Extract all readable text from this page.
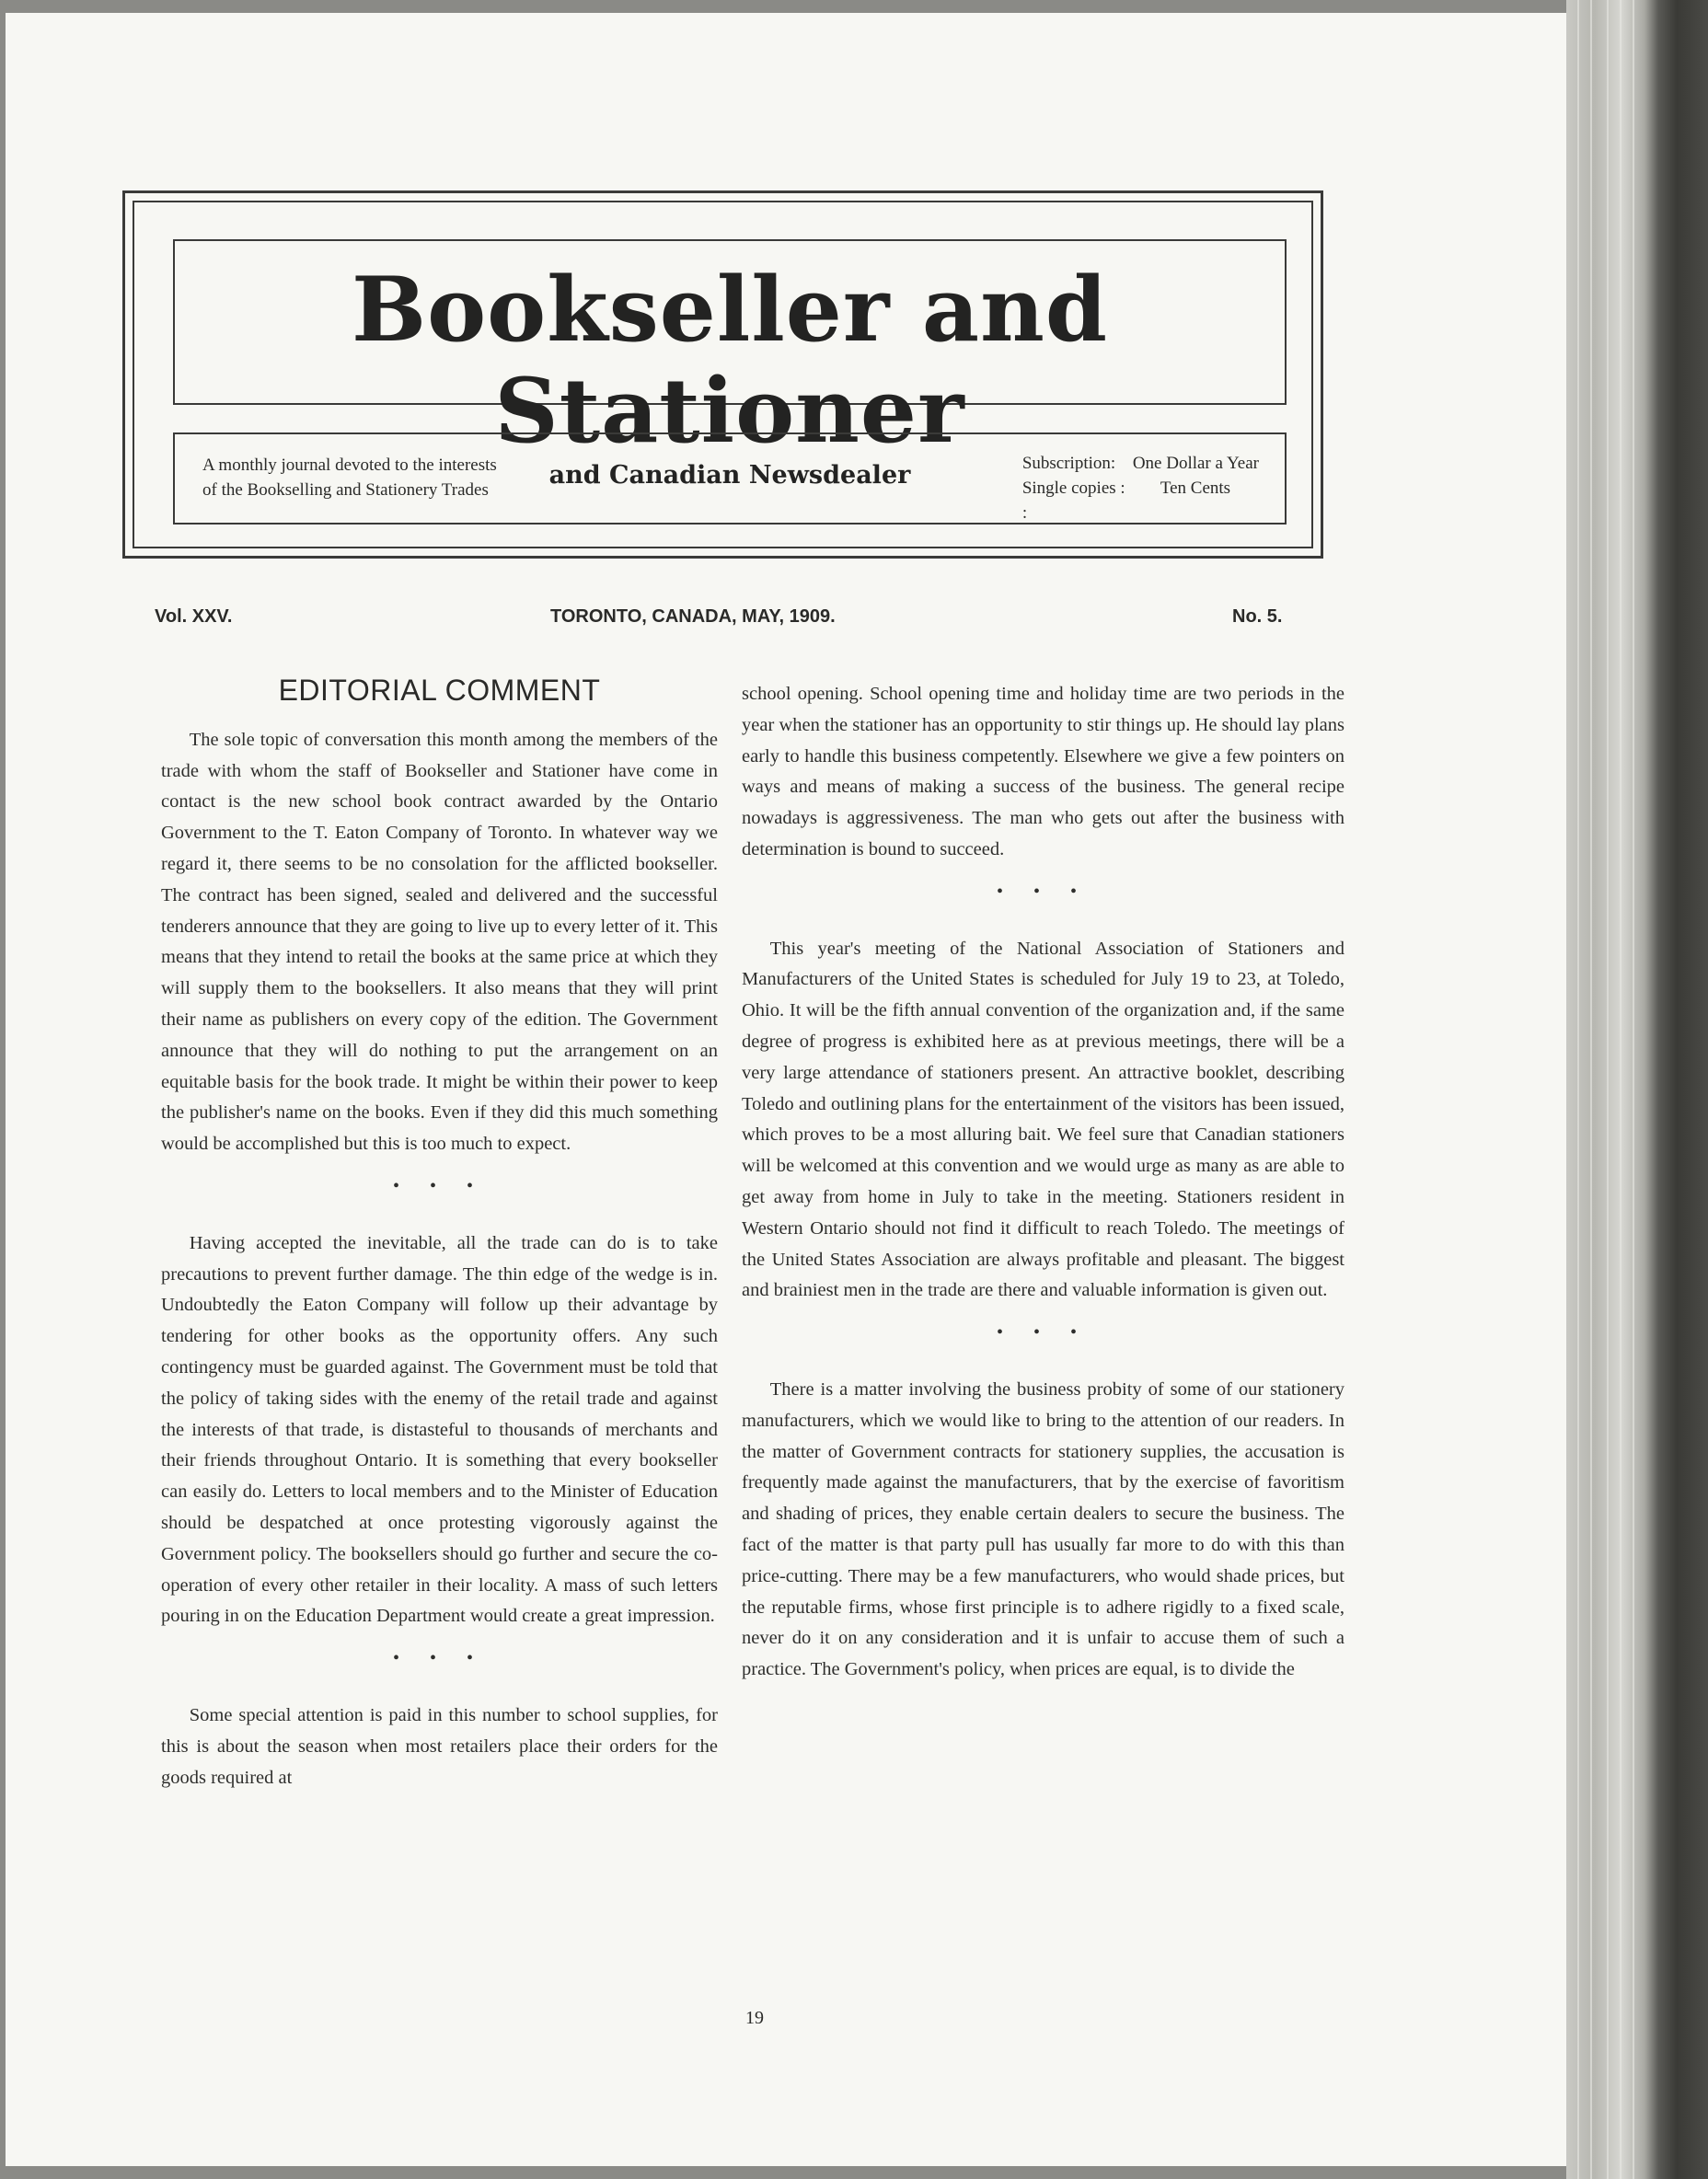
Bookseller and Stationer
and Canadian Newsdealer
A monthly journal devoted to the interests
of the Bookselling and Stationery Trades
Subscription: One Dollar a Year
Single copies : :
Ten Cents
Vol. XXV.	TORONTO, CANADA, MAY, 1909.	No. 5.
EDITORIAL COMMENT

The sole topic of conversation this month among the members of the trade with whom the staff of Bookseller and Stationer have come in contact is the new school book contract awarded by the Ontario Government to the T. Eaton Company of Toronto. In whatever way we regard it, there seems to be no consolation for the afflicted bookseller. The contract has been signed, sealed and delivered and the successful tenderers announce that they are going to live up to every letter of it. This means that they intend to retail the books at the same price at which they will supply them to the booksellers. It also means that they will print their name as publishers on every copy of the edition. The Government announce that they will do nothing to put the arrangement on an equitable basis for the book trade. It might be within their power to keep the publisher's name on the books. Even if they did this much something would be accomplished but this is too much to expect.

• • •

Having accepted the inevitable, all the trade can do is to take precautions to prevent further damage. The thin edge of the wedge is in. Undoubtedly the Eaton Company will follow up their advantage by tendering for other books as the opportunity offers. Any such contingency must be guarded against. The Government must be told that the policy of taking sides with the enemy of the retail trade and against the interests of that trade, is distasteful to thousands of merchants and their friends throughout Ontario. It is something that every bookseller can easily do. Letters to local members and to the Minister of Education should be despatched at once protesting vigorously against the Government policy. The booksellers should go further and secure the co-operation of every other retailer in their locality. A mass of such letters pouring in on the Education Department would create a great impression.

• • •

Some special attention is paid in this number to school supplies, for this is about the season when most retailers place their orders for the goods required at

school opening. School opening time and holiday time are two periods in the year when the stationer has an opportunity to stir things up. He should lay plans early to handle this business competently. Elsewhere we give a few pointers on ways and means of making a success of the business. The general recipe nowadays is aggressiveness. The man who gets out after the business with determination is bound to succeed.

• • •

This year's meeting of the National Association of Stationers and Manufacturers of the United States is scheduled for July 19 to 23, at Toledo, Ohio. It will be the fifth annual convention of the organization and, if the same degree of progress is exhibited here as at previous meetings, there will be a very large attendance of stationers present. An attractive booklet, describing Toledo and outlining plans for the entertainment of the visitors has been issued, which proves to be a most alluring bait. We feel sure that Canadian stationers will be welcomed at this convention and we would urge as many as are able to get away from home in July to take in the meeting. Stationers resident in Western Ontario should not find it difficult to reach Toledo. The meetings of the United States Association are always profitable and pleasant. The biggest and brainiest men in the trade are there and valuable information is given out.

• • •

There is a matter involving the business probity of some of our stationery manufacturers, which we would like to bring to the attention of our readers. In the matter of Government contracts for stationery supplies, the accusation is frequently made against the manufacturers, that by the exercise of favoritism and shading of prices, they enable certain dealers to secure the business. The fact of the matter is that party pull has usually far more to do with this than price-cutting. There may be a few manufacturers, who would shade prices, but the reputable firms, whose first principle is to adhere rigidly to a fixed scale, never do it on any consideration and it is unfair to accuse them of such a practice. The Government's policy, when prices are equal, is to divide the

19
